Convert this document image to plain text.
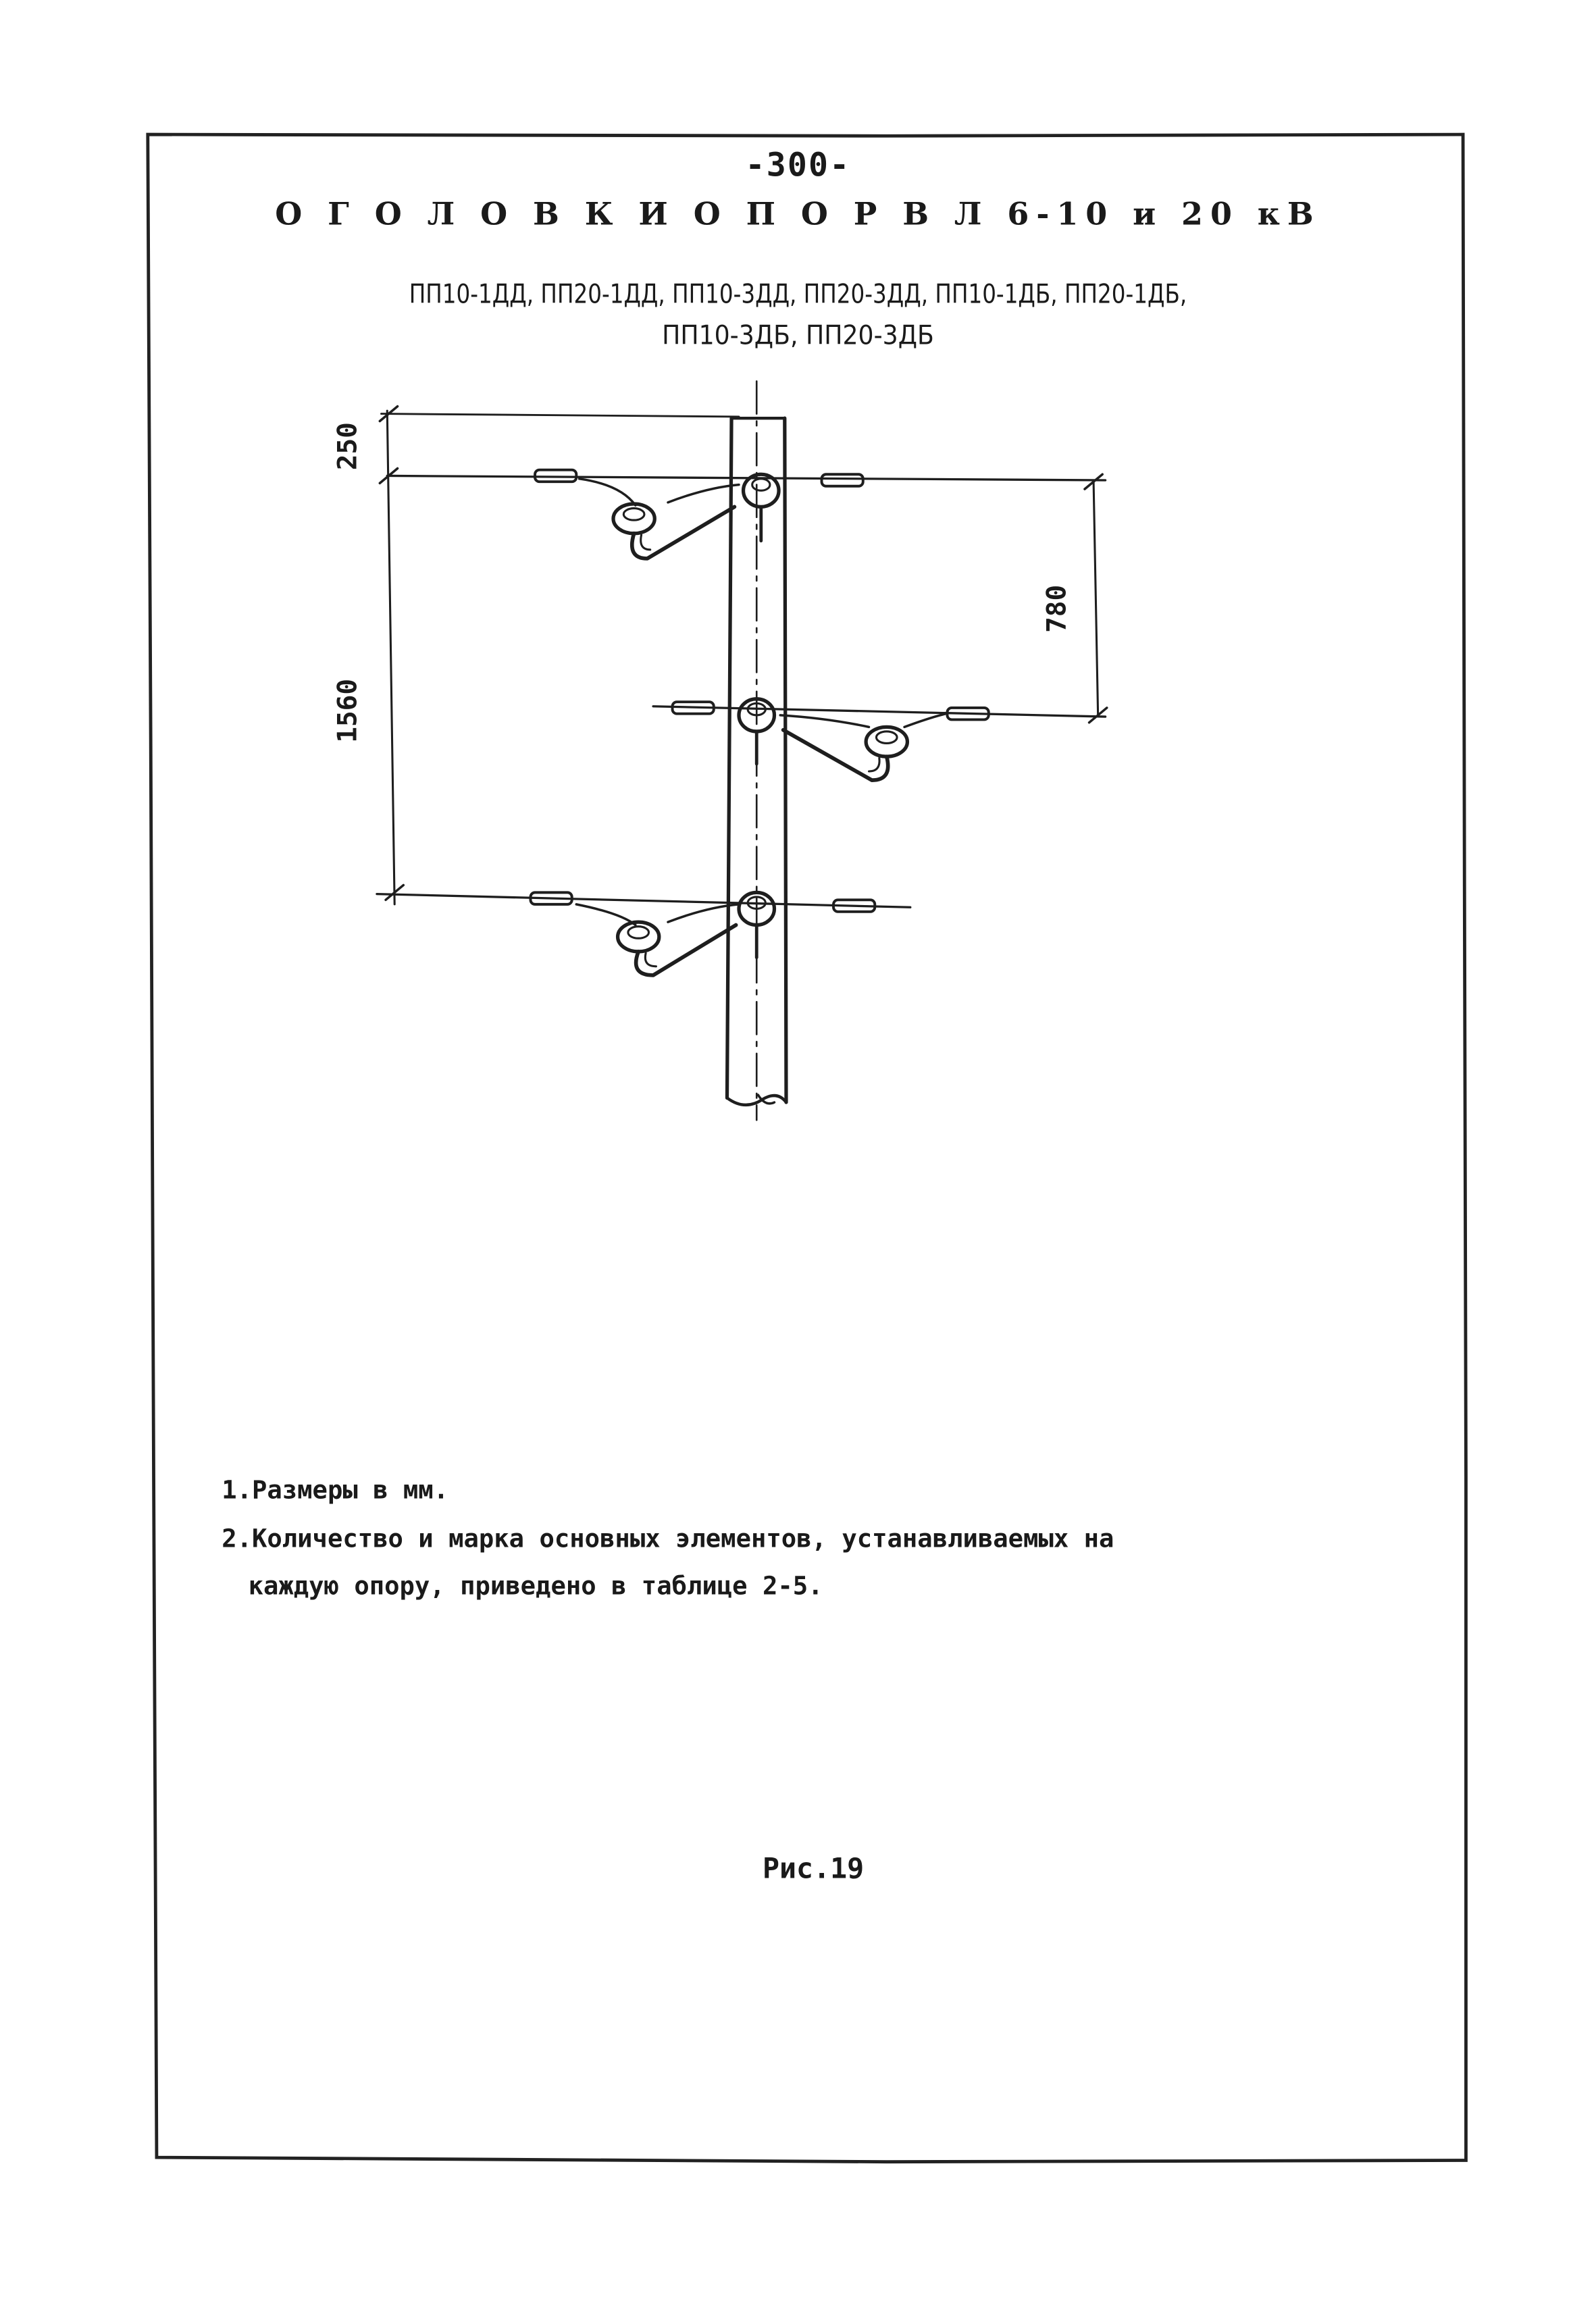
250
1560
780

-300-

О Г О Л О В К И О П О Р В Л 6-10 и 20 кВ

ПП10-1ДД, ПП20-1ДД, ПП10-3ДД, ПП20-3ДД, ПП10-1ДБ, ПП20-1ДБ,

ПП10-3ДБ, ПП20-3ДБ

1.Размеры в мм.

2.Количество и марка основных элементов, устанавливаемых на

каждую опору, приведено в таблице 2-5.

Рис.19
